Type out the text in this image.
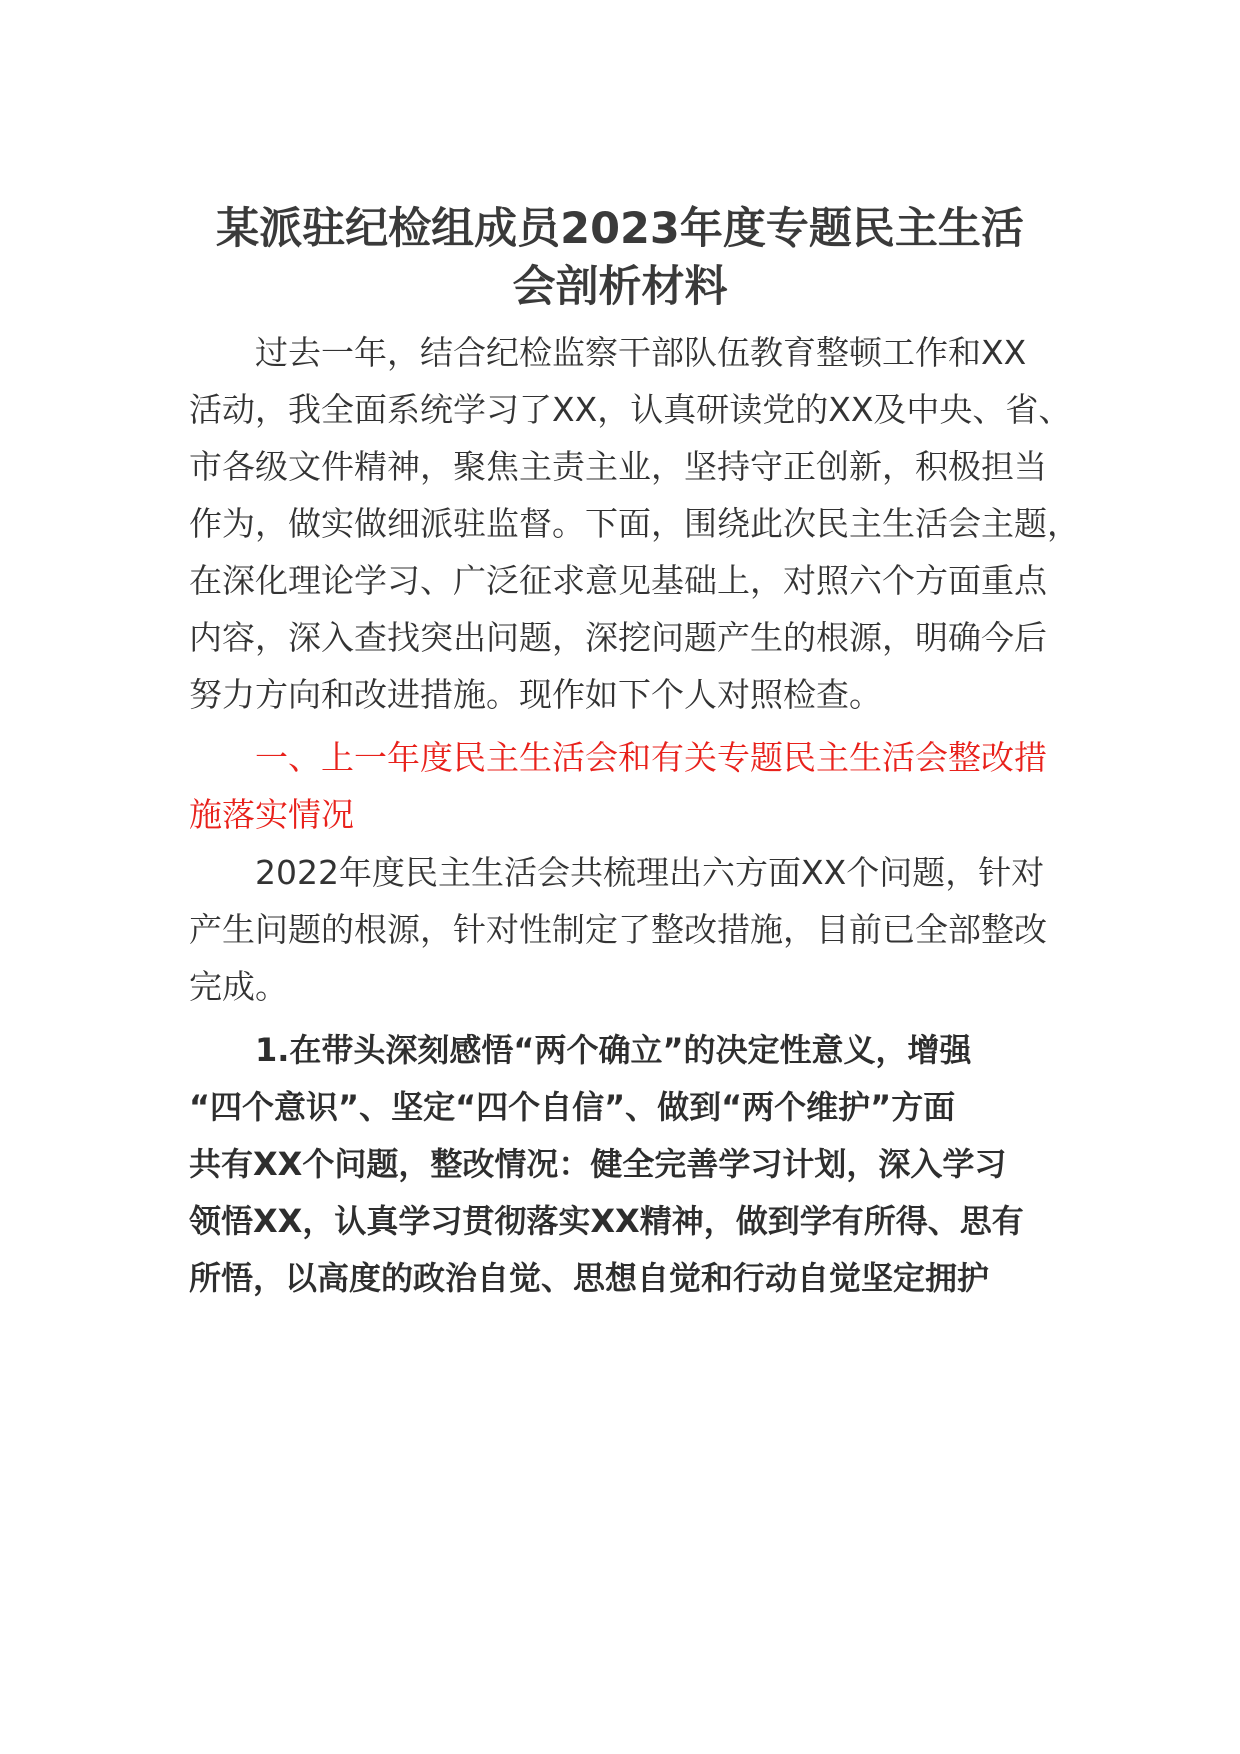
某派驻纪检组成员2023年度专题民主生活
会剖析材料
过去一年，结合纪检监察干部队伍教育整顿工作和XX
活动，我全面系统学习了XX，认真研读党的XX及中央、省、
市各级文件精神，聚焦主责主业，坚持守正创新，积极担当
作为，做实做细派驻监督。下面，围绕此次民主生活会主题，
在深化理论学习、广泛征求意见基础上，对照六个方面重点
内容，深入查找突出问题，深挖问题产生的根源，明确今后
努力方向和改进措施。现作如下个人对照检查。
一、上一年度民主生活会和有关专题民主生活会整改措
施落实情况
2022年度民主生活会共梳理出六方面XX个问题，针对
产生问题的根源，针对性制定了整改措施，目前已全部整改
完成。
1.在带头深刻感悟“两个确立”的决定性意义，增强
“四个意识”、坚定“四个自信”、做到“两个维护”方面
共有XX个问题，整改情况：健全完善学习计划，深入学习
领悟XX，认真学习贯彻落实XX精神，做到学有所得、思有
所悟，以高度的政治自觉、思想自觉和行动自觉坚定拥护
